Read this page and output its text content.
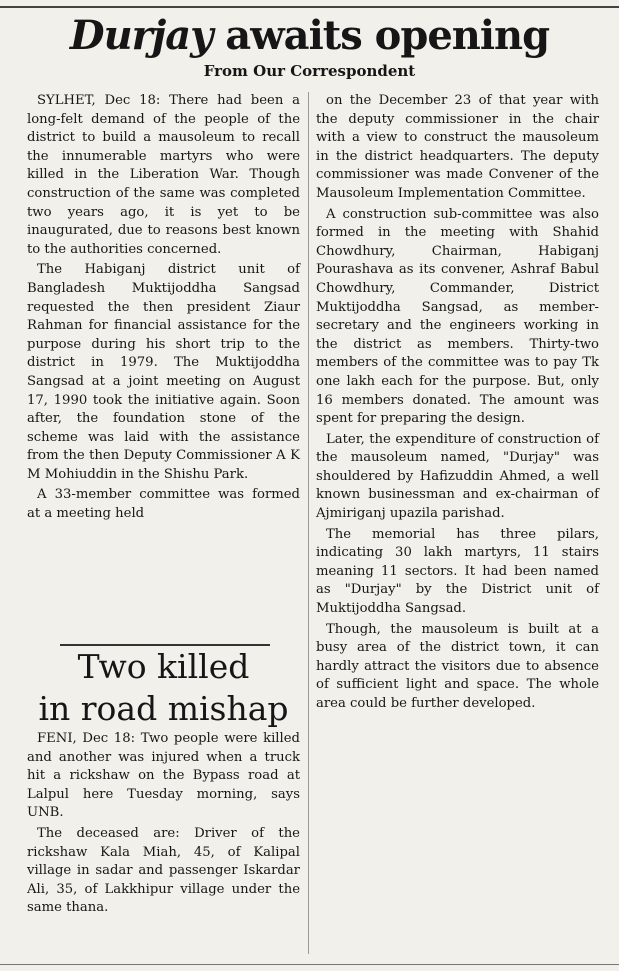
Durjay awaits opening
From Our Correspondent

SYLHET, Dec 18: There had been a long-felt demand of the people of the district to build a mausoleum to recall the innumerable martyrs who were killed in the Liberation War. Though construction of the same was completed two years ago, it is yet to be inaugurated, due to reasons best known to the authorities concerned.

The Habiganj district unit of Bangladesh Muktijoddha Sangsad requested the then president Ziaur Rahman for financial assistance for the purpose during his short trip to the district in 1979. The Muktijoddha Sangsad at a joint meeting on August 17, 1990 took the initiative again. Soon after, the foundation stone of the scheme was laid with the assistance from the then Deputy Commissioner A K M Mohiuddin in the Shishu Park.

A 33-member committee was formed at a meeting held

on the December 23 of that year with the deputy commissioner in the chair with a view to construct the mausoleum in the district headquarters. The deputy commissioner was made Convener of the Mausoleum Implementation Committee.

A construction sub-committee was also formed in the meeting with Shahid Chowdhury, Chairman, Habiganj Pourashava as its convener, Ashraf Babul Chowdhury, Commander, District Muktijoddha Sangsad, as member-secretary and the engineers working in the district as members. Thirty-two members of the committee was to pay Tk one lakh each for the purpose. But, only 16 members donated. The amount was spent for preparing the design.

Later, the expenditure of construction of the mausoleum named, "Durjay" was shouldered by Hafizuddin Ahmed, a well known businessman and ex-chairman of Ajmiriganj upazila parishad.

The memorial has three pilars, indicating 30 lakh martyrs, 11 stairs meaning 11 sectors. It had been named as "Durjay" by the District unit of Muktijoddha Sangsad.

Though, the mausoleum is built at a busy area of the district town, it can hardly attract the visitors due to absence of sufficient light and space. The whole area could be further developed.

Two killed
in road mishap

FENI, Dec 18: Two people were killed and another was injured when a truck hit a rickshaw on the Bypass road at Lalpul here Tuesday morning, says UNB.

The deceased are: Driver of the rickshaw Kala Miah, 45, of Kalipal village in sadar and passenger Iskardar Ali, 35, of Lakkhipur village under the same thana.
